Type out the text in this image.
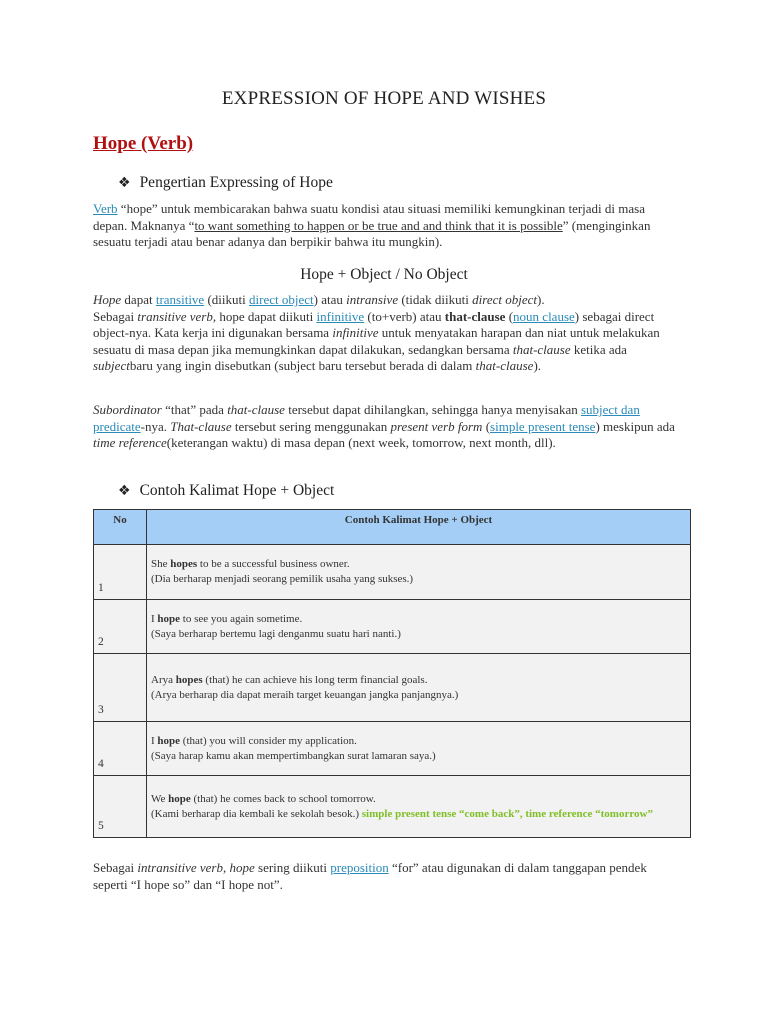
EXPRESSION OF HOPE AND WISHES
Hope (Verb)
❖ Pengertian Expressing of Hope
Verb “hope” untuk membicarakan bahwa suatu kondisi atau situasi memiliki kemungkinan terjadi di masa depan. Maknanya “to want something to happen or be true and and think that it is possible” (menginginkan sesuatu terjadi atau benar adanya dan berpikir bahwa itu mungkin).
Hope + Object / No Object
Hope dapat transitive (diikuti direct object) atau intransive (tidak diikuti direct object).
Sebagai transitive verb, hope dapat diikuti infinitive (to+verb) atau that-clause (noun clause) sebagai direct object-nya. Kata kerja ini digunakan bersama infinitive untuk menyatakan harapan dan niat untuk melakukan sesuatu di masa depan jika memungkinkan dapat dilakukan, sedangkan bersama that-clause ketika ada subjectbaru yang ingin disebutkan (subject baru tersebut berada di dalam that-clause).
Subordinator “that” pada that-clause tersebut dapat dihilangkan, sehingga hanya menyisakan subject dan predicate-nya. That-clause tersebut sering menggunakan present verb form (simple present tense) meskipun ada time reference(keterangan waktu) di masa depan (next week, tomorrow, next month, dll).
❖ Contoh Kalimat Hope + Object
No	Contoh Kalimat Hope + Object
1	She hopes to be a successful business owner.
(Dia berharap menjadi seorang pemilik usaha yang sukses.)
2	I hope to see you again sometime.
(Saya berharap bertemu lagi denganmu suatu hari nanti.)
3	Arya hopes (that) he can achieve his long term financial goals.
(Arya berharap dia dapat meraih target keuangan jangka panjangnya.)
4	I hope (that) you will consider my application.
(Saya harap kamu akan mempertimbangkan surat lamaran saya.)
5	We hope (that) he comes back to school tomorrow.
(Kami berharap dia kembali ke sekolah besok.) simple present tense “come back”, time reference “tomorrow”
Sebagai intransitive verb, hope sering diikuti preposition “for” atau digunakan di dalam tanggapan pendek seperti “I hope so” dan “I hope not”.
